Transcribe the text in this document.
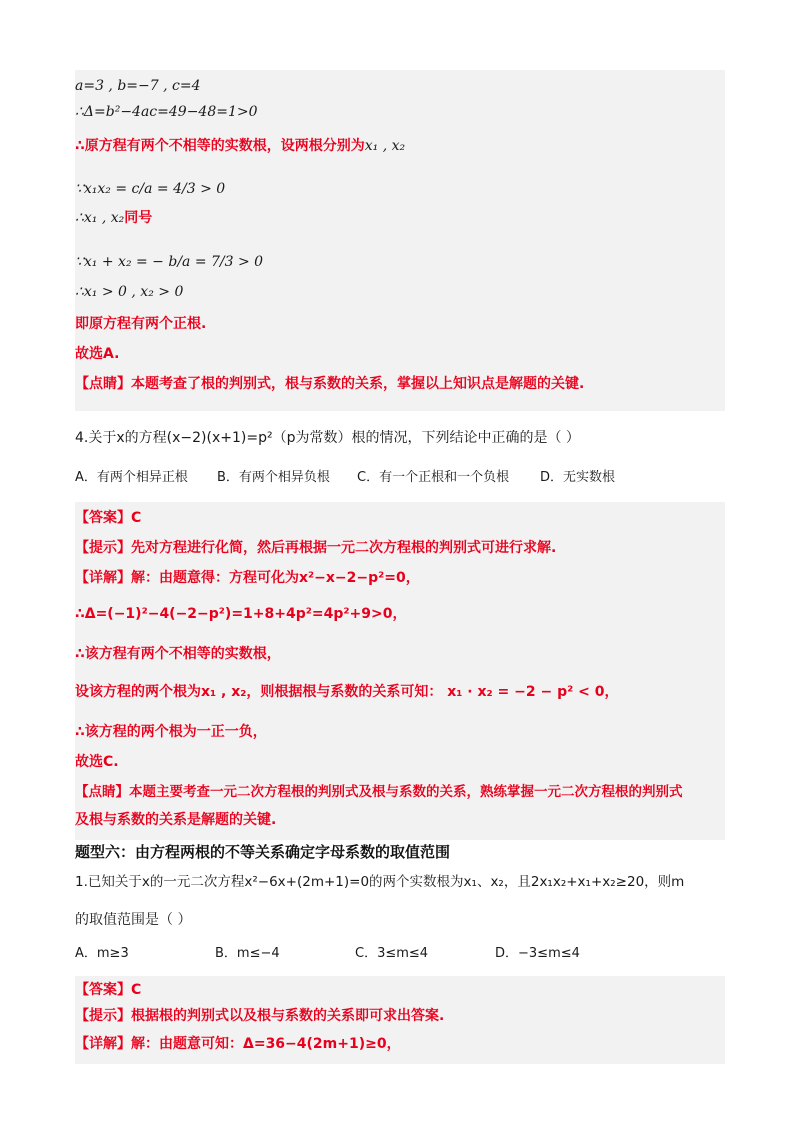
a=3 , b=−7 , c=4
∴Δ=b²−4ac=49−48=1>0
∴原方程有两个不相等的实数根，设两根分别为x₁ , x₂
∵x₁x₂ = c/a = 4/3 > 0
∴x₁ , x₂同号
∵x₁ + x₂ = − b/a = 7/3 > 0
∴x₁ > 0 , x₂ > 0
即原方程有两个正根.
故选A.
【点睛】本题考查了根的判别式，根与系数的关系，掌握以上知识点是解题的关键.
4.关于x的方程(x−2)(x+1)=p²（p为常数）根的情况，下列结论中正确的是（ ）
A．有两个相异正根 B．有两个相异负根 C．有一个正根和一个负根 D．无实数根
【答案】C
【提示】先对方程进行化简，然后再根据一元二次方程根的判别式可进行求解.
【详解】解：由题意得：方程可化为x²−x−2−p²=0，
∴Δ=(−1)²−4(−2−p²)=1+8+4p²=4p²+9>0，
∴该方程有两个不相等的实数根，
设该方程的两个根为x₁ , x₂，则根据根与系数的关系可知： x₁ · x₂ = −2 − p² < 0，
∴该方程的两个根为一正一负，
故选C.
【点睛】本题主要考查一元二次方程根的判别式及根与系数的关系，熟练掌握一元二次方程根的判别式
及根与系数的关系是解题的关键.
题型六：由方程两根的不等关系确定字母系数的取值范围
1.已知关于x的一元二次方程x²−6x+(2m+1)=0的两个实数根为x₁、x₂，且2x₁x₂+x₁+x₂≥20，则m
的取值范围是（ ）
A．m≥3	B．m≤−4	C．3≤m≤4	D．−3≤m≤4
【答案】C
【提示】根据根的判别式以及根与系数的关系即可求出答案.
【详解】解：由题意可知：Δ=36−4(2m+1)≥0，
